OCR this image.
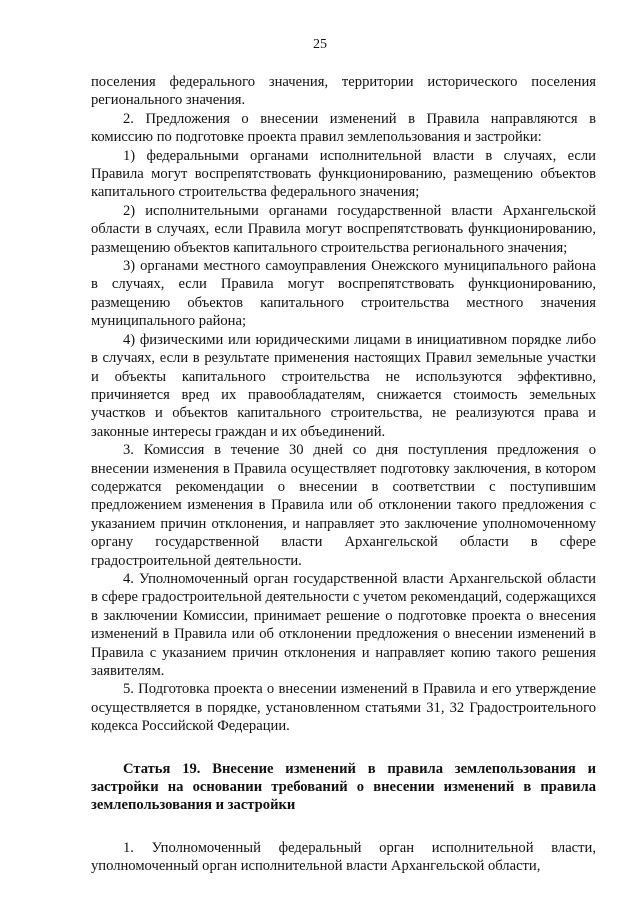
25

поселения федерального значения, территории исторического поселения регионального значения.

2. Предложения о внесении изменений в Правила направляются в комиссию по подготовке проекта правил землепользования и застройки:

1) федеральными органами исполнительной власти в случаях, если Правила могут воспрепятствовать функционированию, размещению объектов капитального строительства федерального значения;

2) исполнительными органами государственной власти Архангельской области в случаях, если Правила могут воспрепятствовать функционированию, размещению объектов капитального строительства регионального значения;

3) органами местного самоуправления Онежского муниципального района в случаях, если Правила могут воспрепятствовать функционированию, размещению объектов капитального строительства местного значения муниципального района;

4) физическими или юридическими лицами в инициативном порядке либо в случаях, если в результате применения настоящих Правил земельные участки и объекты капитального строительства не используются эффективно, причиняется вред их правообладателям, снижается стоимость земельных участков и объектов капитального строительства, не реализуются права и законные интересы граждан и их объединений.

3. Комиссия в течение 30 дней со дня поступления предложения о внесении изменения в Правила осуществляет подготовку заключения, в котором содержатся рекомендации о внесении в соответствии с поступившим предложением изменения в Правила или об отклонении такого предложения с указанием причин отклонения, и направляет это заключение уполномоченному органу государственной власти Архангельской области в сфере градостроительной деятельности.

4. Уполномоченный орган государственной власти Архангельской области в сфере градостроительной деятельности с учетом рекомендаций, содержащихся в заключении Комиссии, принимает решение о подготовке проекта о внесения изменений в Правила или об отклонении предложения о внесении изменений в Правила с указанием причин отклонения и направляет копию такого решения заявителям.

5. Подготовка проекта о внесении изменений в Правила и его утверждение осуществляется в порядке, установленном статьями 31, 32 Градостроительного кодекса Российской Федерации.

Статья 19. Внесение изменений в правила землепользования и застройки на основании требований о внесении изменений в правила землепользования и застройки

1. Уполномоченный федеральный орган исполнительной власти, уполномоченный орган исполнительной власти Архангельской области,
